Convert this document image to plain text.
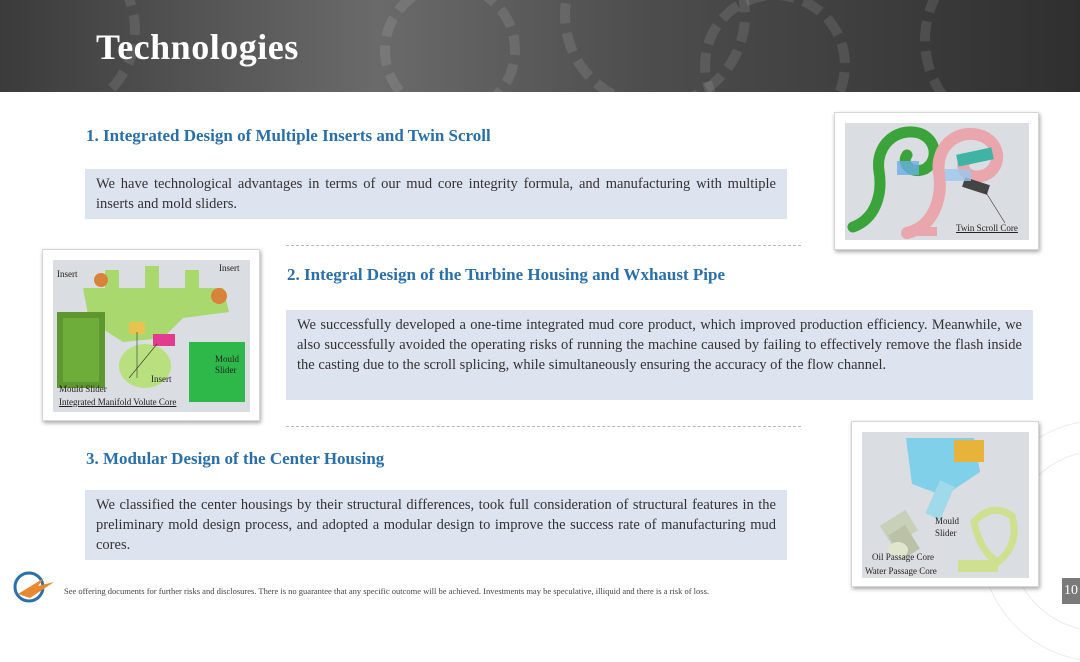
Technologies
1. Integrated Design of Multiple Inserts and Twin Scroll
We have technological advantages in terms of our mud core integrity formula, and manufacturing with multiple inserts and mold sliders.
Twin Scroll Core
Insert
Insert
Insert
Mould Slider
Mould Slider
Integrated Manifold Volute Core
2. Integral Design of the Turbine Housing and Wxhaust Pipe
We successfully developed a one-time integrated mud core product, which improved production efficiency. Meanwhile, we also successfully avoided the operating risks of running the machine caused by failing to effectively remove the flash inside the casting due to the scroll splicing, while simultaneously ensuring the accuracy of the flow channel.
3. Modular Design of the Center Housing
We classified the center housings by their structural differences, took full consideration of structural features in the preliminary mold design process, and adopted a modular design to improve the success rate of manufacturing mud cores.
Mould Slider
Oil Passage Core
Water Passage Core
See offering documents for further risks and disclosures. There is no guarantee that any specific outcome will be achieved. Investments may be speculative, illiquid and there is a risk of loss.	10
